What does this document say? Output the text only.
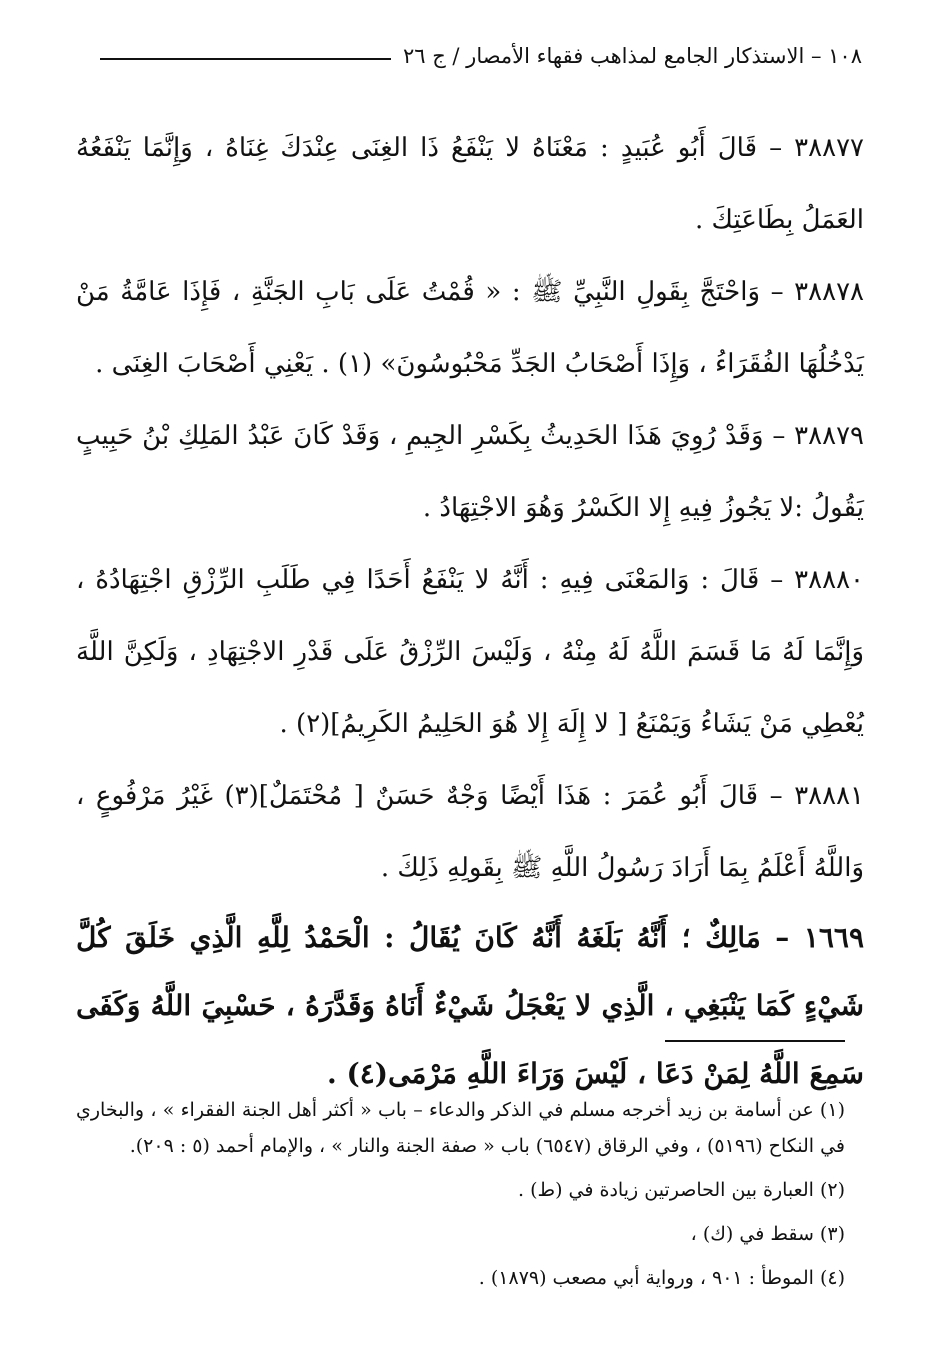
١٠٨ – الاستذكار الجامع لمذاهب فقهاء الأمصار / ج ٢٦

٣٨٨٧٧ – قَالَ أَبُو عُبَيدٍ : مَعْنَاهُ لا يَنْفَعُ ذَا الغِنَى عِنْدَكَ غِنَاهُ ، وَإِنَّمَا يَنْفَعُهُ العَمَلُ بِطَاعَتِكَ .

٣٨٨٧٨ – وَاحْتَجَّ بِقَولِ النَّبِيِّ ﷺ : « قُمْتُ عَلَى بَابِ الجَنَّةِ ، فَإِذَا عَامَّةُ مَنْ يَدْخُلُهَا الفُقَرَاءُ ، وَإِذَا أَصْحَابُ الجَدِّ مَحْبُوسُونَ» (١) . يَعْنِي أَصْحَابَ الغِنَى .

٣٨٨٧٩ – وَقَدْ رُوِيَ هَذَا الحَدِيثُ بِكَسْرِ الجِيمِ ، وَقَدْ كَانَ عَبْدُ المَلِكِ بْنُ حَبِيبٍ يَقُولُ :لا يَجُوزُ فِيهِ إِلا الكَسْرُ وَهُوَ الاجْتِهَادُ .

٣٨٨٨٠ – قَالَ : وَالمَعْنَى فِيهِ : أَنَّهُ لا يَنْفَعُ أَحَدًا فِي طَلَبِ الرِّزْقِ اجْتِهَادُهُ ، وَإِنَّمَا لَهُ مَا قَسَمَ اللَّهُ لَهُ مِنْهُ ، وَلَيْسَ الرِّزْقُ عَلَى قَدْرِ الاجْتِهَادِ ، وَلَكِنَّ اللَّهَ يُعْطِي مَنْ يَشَاءُ وَيَمْنَعُ [ لا إِلَهَ إِلا هُوَ الحَلِيمُ الكَرِيمُ](٢) .

٣٨٨٨١ – قَالَ أَبُو عُمَرَ : هَذَا أَيْضًا وَجْهٌ حَسَنٌ [ مُحْتَمَلٌ](٣) غَيْرُ مَرْفُوعٍ ، وَاللَّهُ أَعْلَمُ بِمَا أَرَادَ رَسُولُ اللَّهِ ﷺ بِقَولِهِ ذَلِكَ .

١٦٦٩ – مَالِكٌ ؛ أَنَّهُ بَلَغَهُ أَنَّهُ كَانَ يُقَالُ : الْحَمْدُ لِلَّهِ الَّذِي خَلَقَ كُلَّ شَيْءٍ كَمَا يَنْبَغِي ، الَّذِي لا يَعْجَلُ شَيْءٌ أَنَاهُ وَقَدَّرَهُ ، حَسْبِيَ اللَّهُ وَكَفَى سَمِعَ اللَّهُ لِمَنْ دَعَا ، لَيْسَ وَرَاءَ اللَّهِ مَرْمَى(٤) .

(١) عن أسامة بن زيد أخرجه مسلم في الذكر والدعاء – باب « أكثر أهل الجنة الفقراء » ، والبخاري في النكاح (٥١٩٦) ، وفي الرقاق (٦٥٤٧) باب « صفة الجنة والنار » ، والإمام أحمد (٥ : ٢٠٩).

(٢) العبارة بين الحاصرتين زيادة في (ط) .

(٣) سقط في (ك) ،

(٤) الموطأ : ٩٠١ ، ورواية أبي مصعب (١٨٧٩) .
